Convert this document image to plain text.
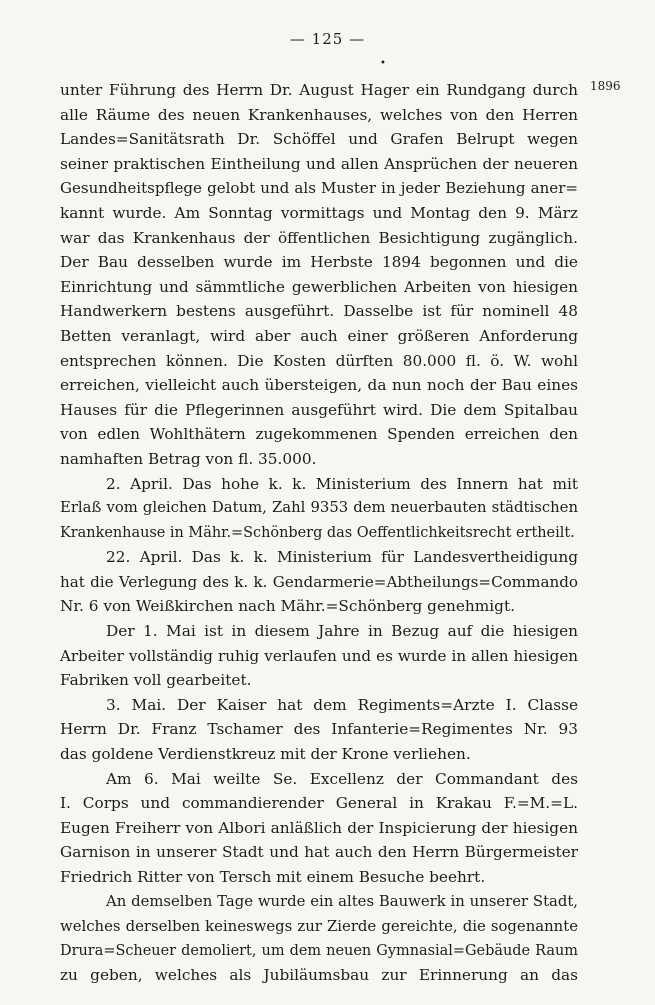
— 125 —
•
1896
unter Führung des Herrn Dr. August Hager ein Rundgang durch
alle Räume des neuen Krankenhauses, welches von den Herren
Landes=Sanitätsrath Dr. Schöffel und Grafen Belrupt wegen
seiner praktischen Eintheilung und allen Ansprüchen der neueren
Gesundheitspflege gelobt und als Muster in jeder Beziehung aner=
kannt wurde. Am Sonntag vormittags und Montag den 9. März
war das Krankenhaus der öffentlichen Besichtigung zugänglich.
Der Bau desselben wurde im Herbste 1894 begonnen und die
Einrichtung und sämmtliche gewerblichen Arbeiten von hiesigen
Handwerkern bestens ausgeführt. Dasselbe ist für nominell 48
Betten veranlagt, wird aber auch einer größeren Anforderung
entsprechen können. Die Kosten dürften 80.000 fl. ö. W. wohl
erreichen, vielleicht auch übersteigen, da nun noch der Bau eines
Hauses für die Pflegerinnen ausgeführt wird. Die dem Spitalbau
von edlen Wohlthätern zugekommenen Spenden erreichen den
namhaften Betrag von fl. 35.000.
2. April. Das hohe k. k. Ministerium des Innern hat mit
Erlaß vom gleichen Datum, Zahl 9353 dem neuerbauten städtischen
Krankenhause in Mähr.=Schönberg das Oeffentlichkeitsrecht ertheilt.
22. April. Das k. k. Ministerium für Landesvertheidigung
hat die Verlegung des k. k. Gendarmerie=Abtheilungs=Commando
Nr. 6 von Weißkirchen nach Mähr.=Schönberg genehmigt.
Der 1. Mai ist in diesem Jahre in Bezug auf die hiesigen
Arbeiter vollständig ruhig verlaufen und es wurde in allen hiesigen
Fabriken voll gearbeitet.
3. Mai. Der Kaiser hat dem Regiments=Arzte I. Classe
Herrn Dr. Franz Tschamer des Infanterie=Regimentes Nr. 93
das goldene Verdienstkreuz mit der Krone verliehen.
Am 6. Mai weilte Se. Excellenz der Commandant des
I. Corps und commandierender General in Krakau F.=M.=L.
Eugen Freiherr von Albori anläßlich der Inspicierung der hiesigen
Garnison in unserer Stadt und hat auch den Herrn Bürgermeister
Friedrich Ritter von Tersch mit einem Besuche beehrt.
An demselben Tage wurde ein altes Bauwerk in unserer Stadt,
welches derselben keineswegs zur Zierde gereichte, die sogenannte
Drura=Scheuer demoliert, um dem neuen Gymnasial=Gebäude Raum
zu geben, welches als Jubiläumsbau zur Erinnerung an das
